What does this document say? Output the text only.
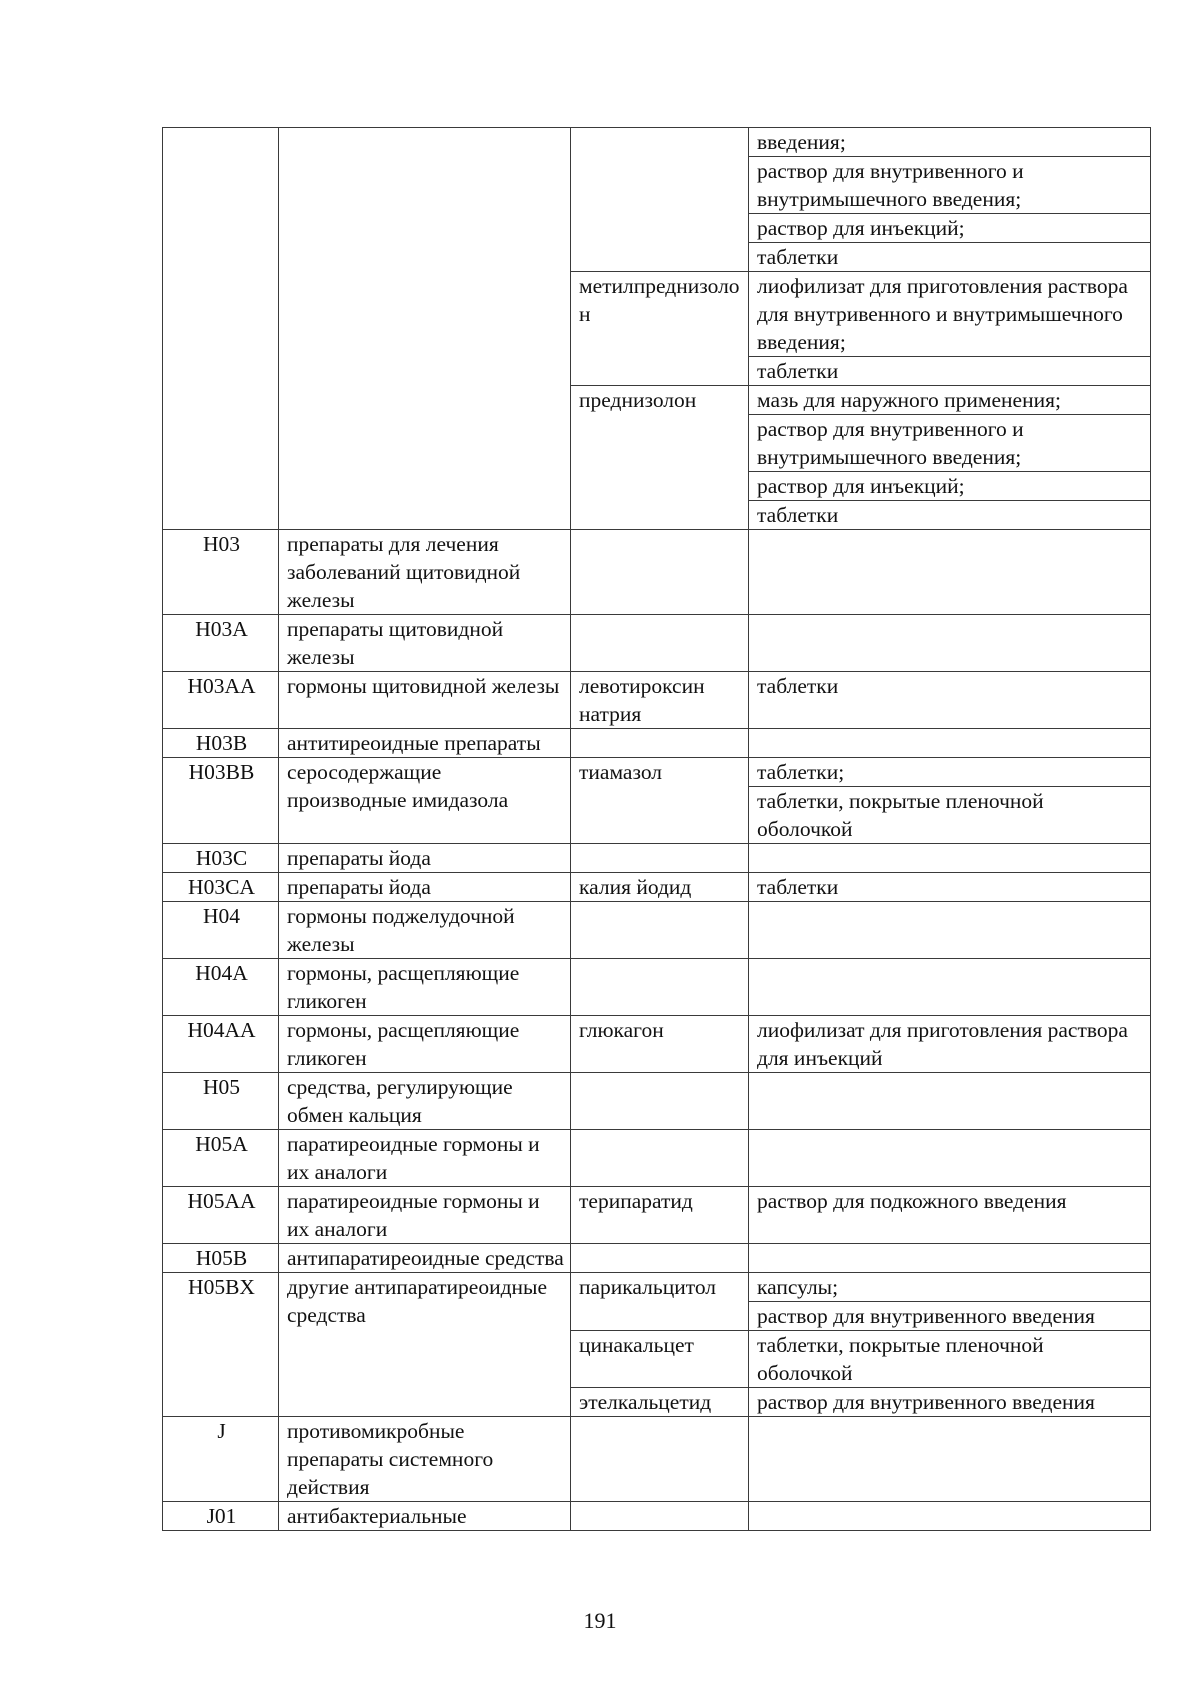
			введения;
			раствор для внутривенного и внутримышечного введения;
			раствор для инъекций;
			таблетки
		метилпреднизолон	лиофилизат для приготовления раствора для внутривенного и внутримышечного введения;
			таблетки
		преднизолон	мазь для наружного применения;
			раствор для внутривенного и внутримышечного введения;
			раствор для инъекций;
			таблетки
H03	препараты для лечения заболеваний щитовидной железы		
H03A	препараты щитовидной железы		
H03AA	гормоны щитовидной железы	левотироксин натрия	таблетки
H03B	антитиреоидные препараты		
H03BB	серосодержащие производные имидазола	тиамазол	таблетки;
			таблетки, покрытые пленочной оболочкой
H03C	препараты йода		
H03CA	препараты йода	калия йодид	таблетки
H04	гормоны поджелудочной железы		
H04A	гормоны, расщепляющие гликоген		
H04AA	гормоны, расщепляющие гликоген	глюкагон	лиофилизат для приготовления раствора для инъекций
H05	средства, регулирующие обмен кальция		
H05A	паратиреоидные гормоны и их аналоги		
H05AA	паратиреоидные гормоны и их аналоги	терипаратид	раствор для подкожного введения
H05B	антипаратиреоидные средства		
H05BX	другие антипаратиреоидные средства	парикальцитол	капсулы;
			раствор для внутривенного введения
		цинакальцет	таблетки, покрытые пленочной оболочкой
		этелкальцетид	раствор для внутривенного введения
J	противомикробные препараты системного действия		
J01	антибактериальные		
191
